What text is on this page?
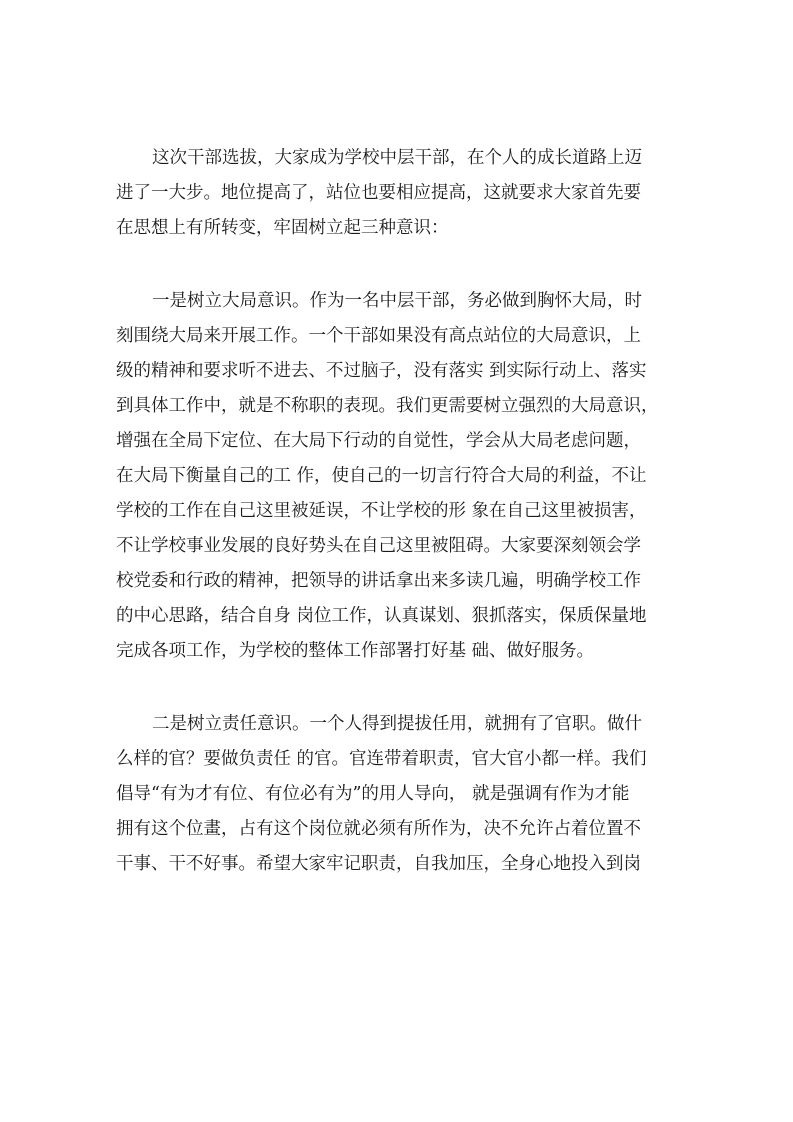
这次干部选拔，大家成为学校中层干部，在个人的成长道路上迈

进了一大步。地位提高了，站位也要相应提高，这就要求大家首先要

在思想上有所转变，牢固树立起三种意识：

一是树立大局意识。作为一名中层干部，务必做到胸怀大局，时

刻围绕大局来开展工作。一个干部如果没有高点站位的大局意识，上

级的精神和要求听不进去、不过脑子，没有落实 到实际行动上、落实

到具体工作中，就是不称职的表现。我们更需要树立强烈的大局意识，

增强在全局下定位、在大局下行动的自觉性，学会从大局老虑问题，

在大局下衡量自己的工 作，使自己的一切言行符合大局的利益，不让

学校的工作在自己这里被延误，不让学校的形 象在自己这里被损害，

不让学校事业发展的良好势头在自己这里被阻碍。大家要深刻领会学

校党委和行政的精神，把领导的讲话拿出来多读几遍，明确学校工作

的中心思路，结合自身 岗位工作，认真谋划、狠抓落实，保质保量地

完成各项工作，为学校的整体工作部署打好基 础、做好服务。

二是树立责任意识。一个人得到提拔任用，就拥有了官职。做什

么样的官？要做负责任 的官。官连带着职责，官大官小都一样。我们

倡导“有为才有位、有位必有为”的用人导向， 就是强调有作为才能

拥有这个位畫，占有这个岗位就必须有所作为，决不允许占着位置不

干事、干不好事。希望大家牢记职责，自我加压，全身心地投入到岗
